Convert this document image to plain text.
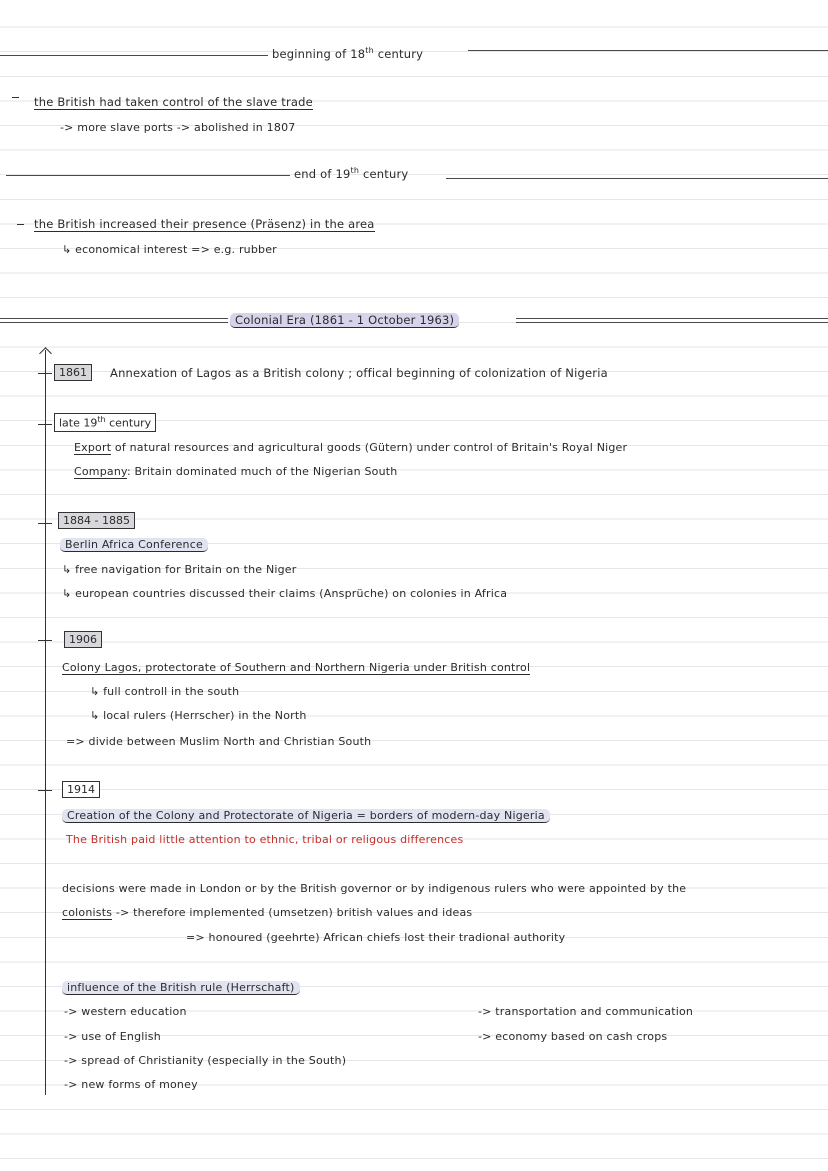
beginning of 18th century
the British had taken control of the slave trade
-> more slave ports -> abolished in 1807
end of 19th century
the British increased their presence (Präsenz) in the area
↳ economical interest => e.g. rubber
Colonial Era (1861 - 1 October 1963)
1861	Annexation of Lagos as a British colony ; offical beginning of colonization of Nigeria
late 19th century
Export of natural resources and agricultural goods (Gütern) under control of Britain's Royal Niger
Company: Britain dominated much of the Nigerian South
1884 - 1885
Berlin Africa Conference
↳ free navigation for Britain on the Niger
↳ european countries discussed their claims (Ansprüche) on colonies in Africa
1906
Colony Lagos, protectorate of Southern and Northern Nigeria under British control
↳ full controll in the south
↳ local rulers (Herrscher) in the North
=> divide between Muslim North and Christian South
1914
Creation of the Colony and Protectorate of Nigeria = borders of modern-day Nigeria
The British paid little attention to ethnic, tribal or religous differences
decisions were made in London or by the British governor or by indigenous rulers who were appointed by the
colonists -> therefore implemented (umsetzen) british values and ideas
=> honoured (geehrte) African chiefs lost their tradional authority
influence of the British rule (Herrschaft)
-> western education
-> use of English
-> spread of Christianity (especially in the South)
-> new forms of money
-> transportation and communication
-> economy based on cash crops
